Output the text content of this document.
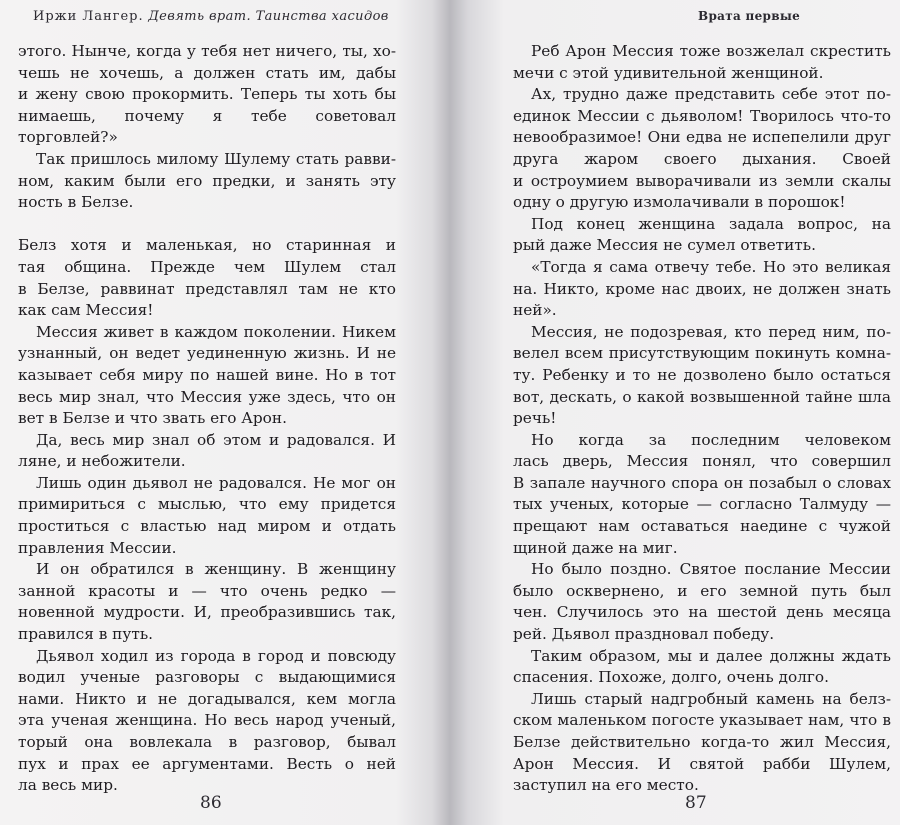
Иржи Лангер. Девять врат. Таинства хасидов
этого. Нынче, когда у тебя нет ничего, ты, хо-
чешь не хочешь, а должен стать им, дабы
и жену свою прокормить. Теперь ты хоть бы
нимаешь, почему я тебе советовал
торговлей?»
Так пришлось милому Шулему стать равви-
ном, каким были его предки, и занять эту
ность в Белзе.
Белз хотя и маленькая, но старинная и
тая община. Прежде чем Шулем стал
в Белзе, раввинат представлял там не кто
как сам Мессия!
Мессия живет в каждом поколении. Никем
узнанный, он ведет уединенную жизнь. И не
казывает себя миру по нашей вине. Но в тот
весь мир знал, что Мессия уже здесь, что он
вет в Белзе и что звать его Арон.
Да, весь мир знал об этом и радовался. И
ляне, и небожители.
Лишь один дьявол не радовался. Не мог он
примириться с мыслью, что ему придется
проститься с властью над миром и отдать
правления Мессии.
И он обратился в женщину. В женщину
занной красоты и — что очень редко —
новенной мудрости. И, преобразившись так,
правился в путь.
Дьявол ходил из города в город и повсюду
водил ученые разговоры с выдающимися
нами. Никто и не догадывался, кем могла
эта ученая женщина. Но весь народ ученый,
торый она вовлекала в разговор, бывал
пух и прах ее аргументами. Весть о ней
ла весь мир.
86
Врата первые
Реб Арон Мессия тоже возжелал скрестить
мечи с этой удивительной женщиной.
Ах, трудно даже представить себе этот по-
единок Мессии с дьяволом! Творилось что-то
невообразимое! Они едва не испепелили друг
друга жаром своего дыхания. Своей
и остроумием выворачивали из земли скалы
одну о другую измолачивали в порошок!
Под конец женщина задала вопрос, на
рый даже Мессия не сумел ответить.
«Тогда я сама отвечу тебе. Но это великая
на. Никто, кроме нас двоих, не должен знать
ней».
Мессия, не подозревая, кто перед ним, по-
велел всем присутствующим покинуть комна-
ту. Ребенку и то не дозволено было остаться
вот, дескать, о какой возвышенной тайне шла
речь!
Но когда за последним человеком
лась дверь, Мессия понял, что совершил
В запале научного спора он позабыл о словах
тых ученых, которые — согласно Талмуду —
прещают нам оставаться наедине с чужой
щиной даже на миг.
Но было поздно. Святое послание Мессии
было осквернено, и его земной путь был
чен. Случилось это на шестой день месяца
рей. Дьявол праздновал победу.
Таким образом, мы и далее должны ждать
спасения. Похоже, долго, очень долго.
Лишь старый надгробный камень на белз-
ском маленьком погосте указывает нам, что в
Белзе действительно когда-то жил Мессия,
Арон Мессия. И святой рабби Шулем,
заступил на его место.
87
